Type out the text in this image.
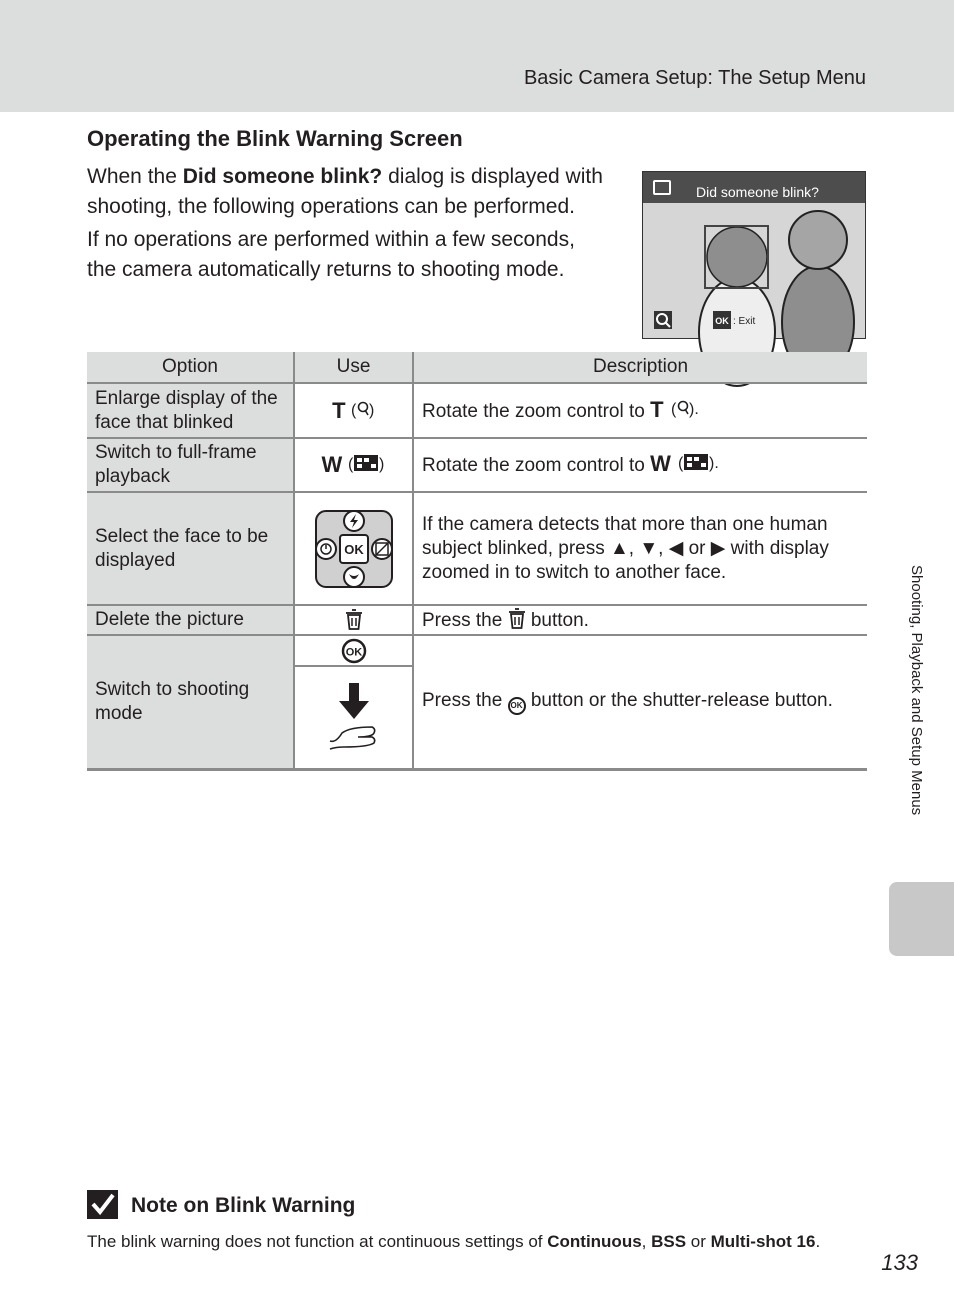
Basic Camera Setup: The Setup Menu
Operating the Blink Warning Screen

When the Did someone blink? dialog is displayed with shooting, the following operations can be performed.

If no operations are performed within a few seconds, the camera automatically returns to shooting mode.

OK : Exit
Did someone blink?
Option	Use	Description
Enlarge display of the face that blinked	T ( )	Rotate the zoom control to T ( ).

Switch to full-frame playback	W ( )	Rotate the zoom control to W ( ).

Select the face to be displayed	OK	If the camera detects that more than one human subject blinked, press ▲, ▼, ◀ or ▶ with display zoomed in to switch to another face.
Delete the picture		Press the  button.
Switch to shooting mode	OK	Press the OK button or the shutter-release button.	Shooting, Playback and Setup Menus
Note on Blink Warning
The blink warning does not function at continuous settings of Continuous, BSS or Multi-shot 16.
133
